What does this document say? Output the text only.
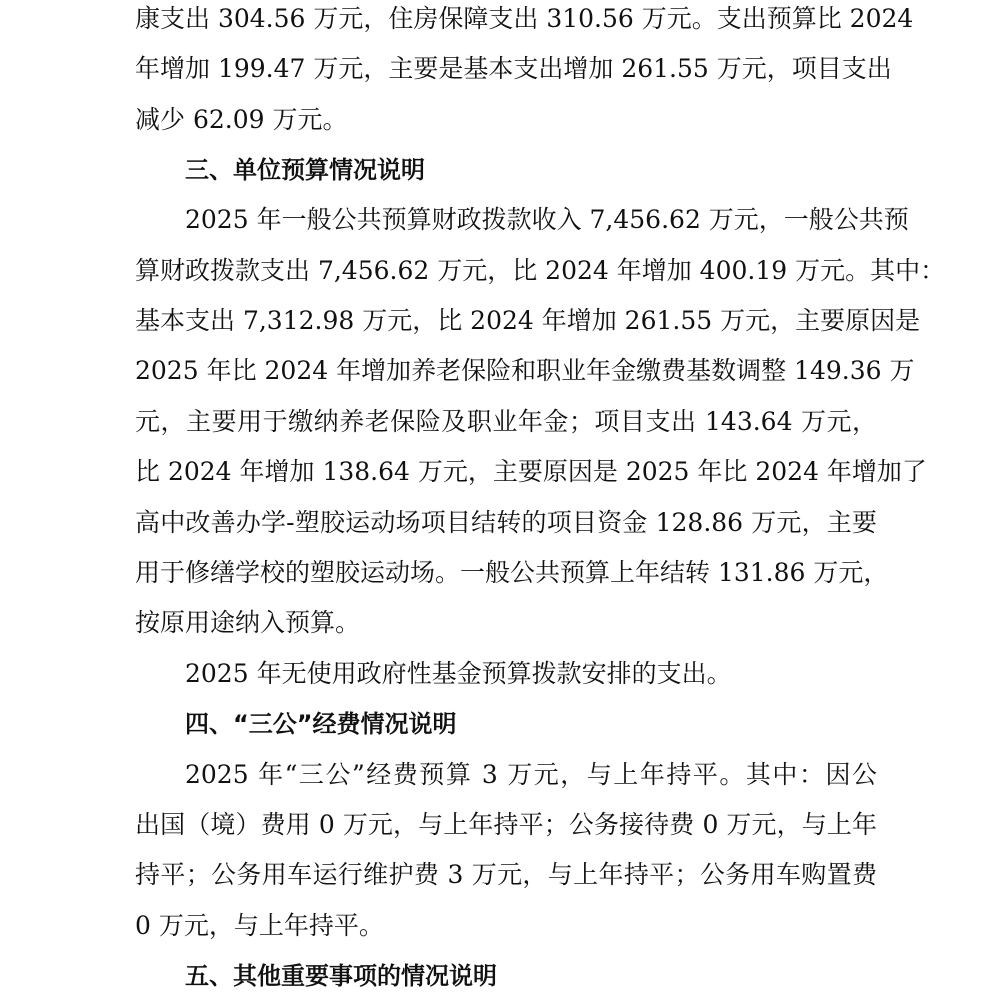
康支出 304.56 万元，住房保障支出 310.56 万元。支出预算比 2024
年增加 199.47 万元，主要是基本支出增加 261.55 万元，项目支出
减少 62.09 万元。
三、单位预算情况说明
2025 年一般公共预算财政拨款收入 7,456.62 万元，一般公共预
算财政拨款支出 7,456.62 万元，比 2024 年增加 400.19 万元。其中：
基本支出 7,312.98 万元，比 2024 年增加 261.55 万元，主要原因是
2025 年比 2024 年增加养老保险和职业年金缴费基数调整 149.36 万
元，主要用于缴纳养老保险及职业年金；项目支出 143.64 万元，
比 2024 年增加 138.64 万元，主要原因是 2025 年比 2024 年增加了
高中改善办学-塑胶运动场项目结转的项目资金 128.86 万元，主要
用于修缮学校的塑胶运动场。一般公共预算上年结转 131.86 万元，
按原用途纳入预算。
2025 年无使用政府性基金预算拨款安排的支出。
四、“三公”经费情况说明
2025 年“三公”经费预算 3 万元，与上年持平。其中：因公
出国（境）费用 0 万元，与上年持平；公务接待费 0 万元，与上年
持平；公务用车运行维护费 3 万元，与上年持平；公务用车购置费
0 万元，与上年持平。
五、其他重要事项的情况说明
